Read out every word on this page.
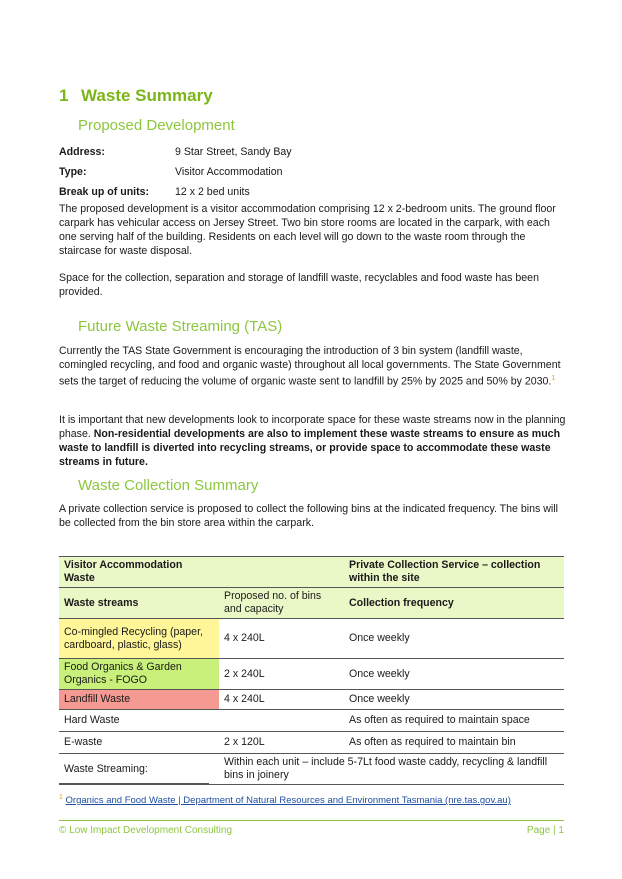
1 Waste Summary
Proposed Development
Address:	9 Star Street, Sandy Bay
Type:	Visitor Accommodation
Break up of units: 12 x 2 bed units
The proposed development is a visitor accommodation comprising 12 x 2-bedroom units. The ground floor carpark has vehicular access on Jersey Street. Two bin store rooms are located in the carpark, with each one serving half of the building. Residents on each level will go down to the waste room through the staircase for waste disposal.
Space for the collection, separation and storage of landfill waste, recyclables and food waste has been provided.
Future Waste Streaming (TAS)
Currently the TAS State Government is encouraging the introduction of 3 bin system (landfill waste, comingled recycling, and food and organic waste) throughout all local governments. The State Government sets the target of reducing the volume of organic waste sent to landfill by 25% by 2025 and 50% by 2030.$^1$
It is important that new developments look to incorporate space for these waste streams now in the planning phase. Non-residential developments are also to implement these waste streams to ensure as much waste to landfill is diverted into recycling streams, or provide space to accommodate these waste streams in future.
Waste Collection Summary
A private collection service is proposed to collect the following bins at the indicated frequency. The bins will be collected from the bin store area within the carpark.
Visitor Accommodation Waste		Private Collection Service – collection within the site
Waste streams	Proposed no. of bins and capacity	Collection frequency
Co-mingled Recycling (paper, cardboard, plastic, glass)	4 x 240L	Once weekly
Food Organics & Garden Organics - FOGO	2 x 240L	Once weekly
Landfill Waste	4 x 240L	Once weekly
Hard Waste		As often as required to maintain space
E-waste	2 x 120L	As often as required to maintain bin
Waste Streaming:	Within each unit – include 5-7Lt food waste caddy, recycling & landfill bins in joinery	
$^1$ Organics and Food Waste | Department of Natural Resources and Environment Tasmania (nre.tas.gov.au)
© Low Impact Development Consulting	Page | 1
